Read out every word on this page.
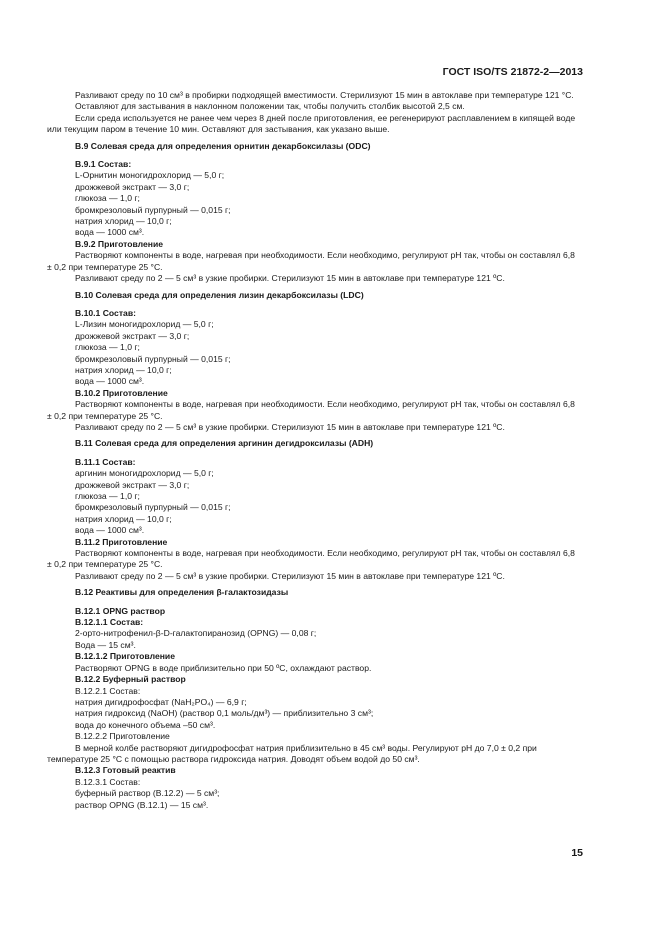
ГОСТ ISO/TS 21872-2—2013

Разливают среду по 10 см³ в пробирки подходящей вместимости. Стерилизуют 15 мин в автоклаве при температуре 121 °С.

Оставляют для застывания в наклонном положении так, чтобы получить столбик высотой 2,5 см.

Если среда используется не ранее чем через 8 дней после приготовления, ее регенерируют расплавлением в кипящей воде или текущим паром в течение 10 мин. Оставляют для застывания, как указано выше.

В.9 Солевая среда для определения орнитин декарбоксилазы (ODC)

В.9.1 Состав:

L-Орнитин моногидрохлорид — 5,0 г;

дрожжевой экстракт — 3,0 г;

глюкоза — 1,0 г;

бромкрезоловый пурпурный — 0,015 г;

натрия хлорид — 10,0 г;

вода — 1000 см³.

В.9.2 Приготовление

Растворяют компоненты в воде, нагревая при необходимости. Если необходимо, регулируют рН так, чтобы он составлял 6,8 ± 0,2 при температуре 25 °С.

Разливают среду по 2 — 5 см³ в узкие пробирки. Стерилизуют 15 мин в автоклаве при температуре 121 ºС.

В.10 Солевая среда для определения лизин декарбоксилазы (LDC)

В.10.1 Состав:

L-Лизин моногидрохлорид — 5,0 г;

дрожжевой экстракт — 3,0 г;

глюкоза — 1,0 г;

бромкрезоловый пурпурный — 0,015 г;

натрия хлорид — 10,0 г;

вода — 1000 см³.

В.10.2 Приготовление

Растворяют компоненты в воде, нагревая при необходимости. Если необходимо, регулируют рН так, чтобы он составлял 6,8 ± 0,2 при температуре 25 °С.

Разливают среду по 2 — 5 см³ в узкие пробирки. Стерилизуют 15 мин в автоклаве при температуре 121 ºС.

В.11 Солевая среда для определения аргинин дегидроксилазы (ADH)

В.11.1 Состав:

аргинин моногидрохлорид — 5,0 г;

дрожжевой экстракт — 3,0 г;

глюкоза — 1,0 г;

бромкрезоловый пурпурный — 0,015 г;

натрия хлорид — 10,0 г;

вода — 1000 см³.

В.11.2 Приготовление

Растворяют компоненты в воде, нагревая при необходимости. Если необходимо, регулируют рН так, чтобы он составлял 6,8 ± 0,2 при температуре 25 °С.

Разливают среду по 2 — 5 см³ в узкие пробирки. Стерилизуют 15 мин в автоклаве при температуре 121 ºС.

В.12 Реактивы для определения β-галактозидазы

В.12.1 OPNG раствор

В.12.1.1 Состав:

2-орто-нитрофенил-β-D-галактопиранозид (OPNG) — 0,08 г;

Вода — 15 см³.

В.12.1.2 Приготовление

Растворяют OPNG в воде приблизительно при 50 ºС, охлаждают раствор.

В.12.2 Буферный раствор

В.12.2.1 Состав:

натрия дигидрофосфат (NaH₂PO₄) — 6,9 г;

натрия гидроксид (NaOH) (раствор 0,1 моль/дм³) — приблизительно 3 см³;

вода до конечного объема –50 см³.

В.12.2.2 Приготовление

В мерной колбе растворяют дигидрофосфат натрия приблизительно в 45 см³ воды. Регулируют рН до 7,0 ± 0,2 при температуре 25 °С с помощью раствора гидроксида натрия. Доводят объем водой до 50 см³.

В.12.3 Готовый реактив

В.12.3.1 Состав:

буферный раствор (В.12.2) — 5 см³;

раствор OPNG (В.12.1) — 15 см³.

15
